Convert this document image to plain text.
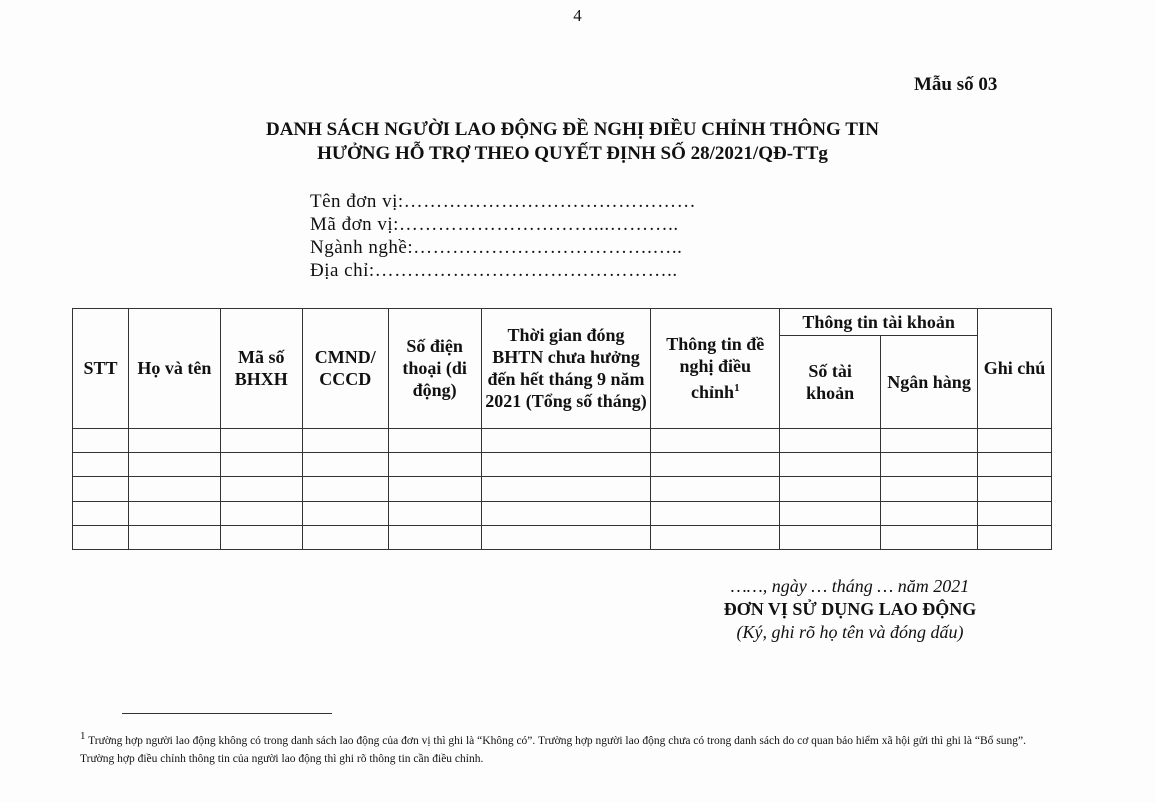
4
Mẫu số 03
DANH SÁCH NGƯỜI LAO ĐỘNG ĐỀ NGHỊ ĐIỀU CHỈNH THÔNG TIN
HƯỞNG HỖ TRỢ THEO QUYẾT ĐỊNH SỐ 28/2021/QĐ-TTg
Tên đơn vị:………………………………………
Mã đơn vị:…………………………...………..
Ngành nghề:……………………………….…..
Địa chỉ:………………………………………..
STT	Họ và tên	Mã số BHXH	CMND/ CCCD	Số điện thoại (di động)	Thời gian đóng BHTN chưa hưởng đến hết tháng 9 năm 2021 (Tổng số tháng)	Thông tin đề nghị điều chỉnh$^1$	Thông tin tài khoản		Ghi chú
							Số tài khoản	Ngân hàng	

……, ngày … tháng … năm 2021
ĐƠN VỊ SỬ DỤNG LAO ĐỘNG
(Ký, ghi rõ họ tên và đóng dấu)
$^1$ Trường hợp người lao động không có trong danh sách lao động của đơn vị thì ghi là “Không có”. Trường hợp người lao động chưa có trong danh sách do cơ quan bảo hiểm xã hội gửi thì ghi là “Bổ sung”. Trường hợp điều chỉnh thông tin của người lao động thì ghi rõ thông tin cần điều chỉnh.
